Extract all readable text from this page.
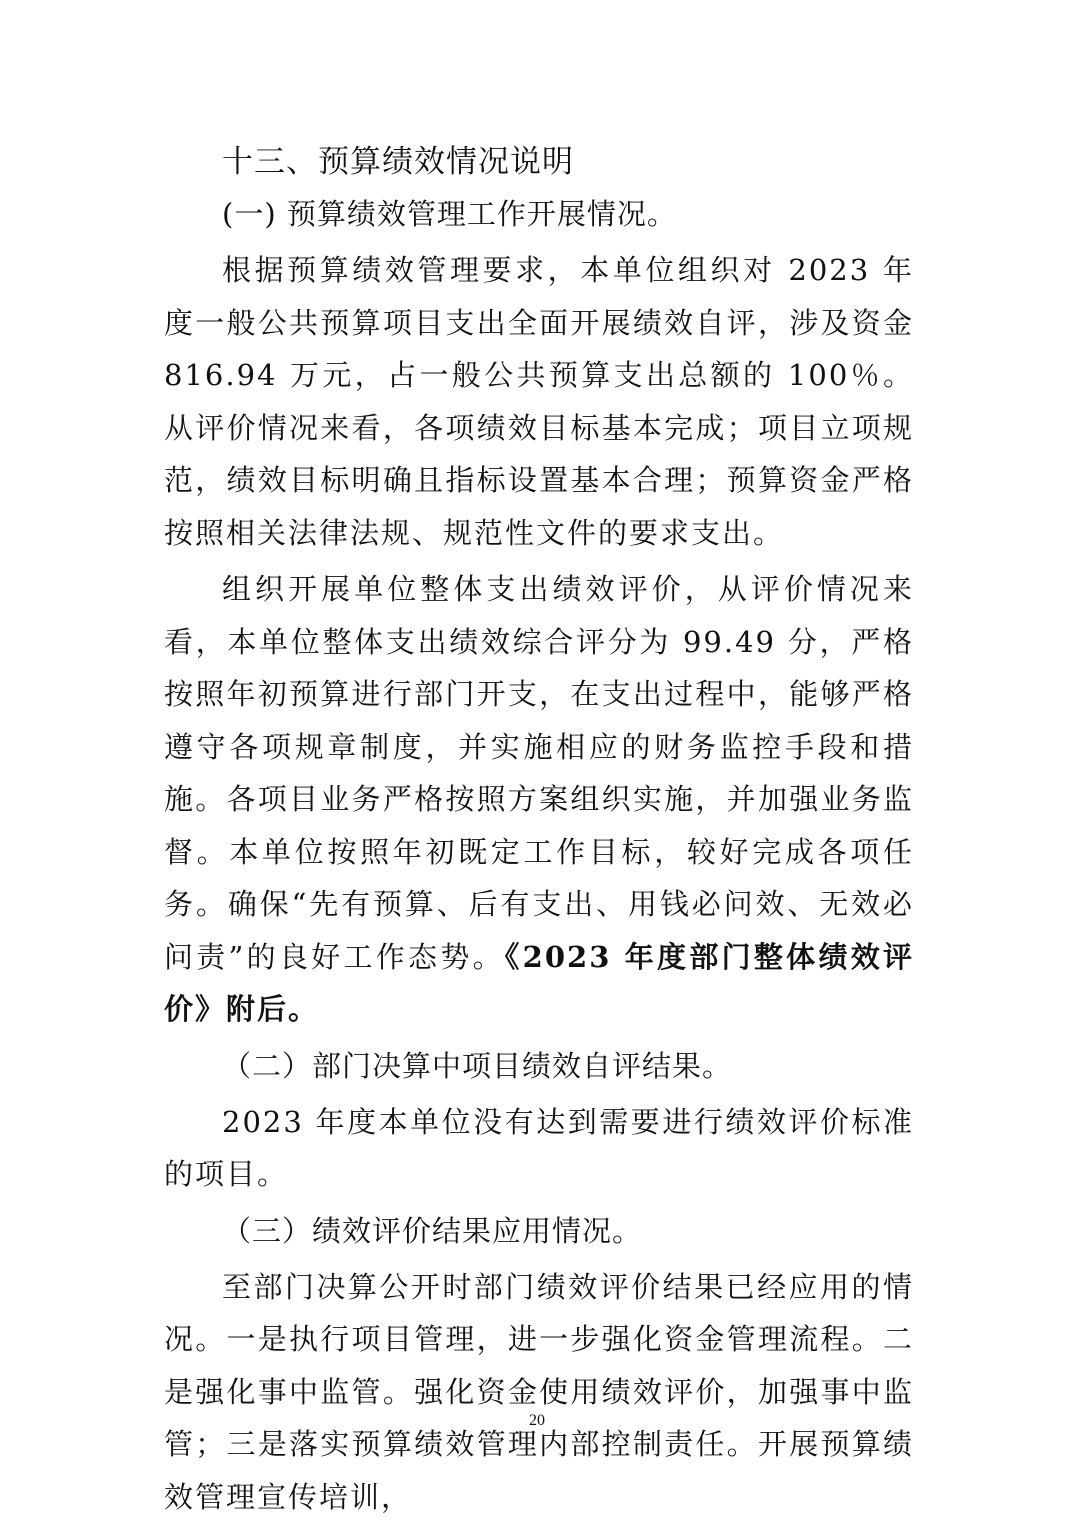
十三、预算绩效情况说明
(一) 预算绩效管理工作开展情况。

根据预算绩效管理要求，本单位组织对 2023 年度一般公共预算项目支出全面开展绩效自评，涉及资金 816.94 万元，占一般公共预算支出总额的 100％。从评价情况来看，各项绩效目标基本完成；项目立项规范，绩效目标明确且指标设置基本合理；预算资金严格按照相关法律法规、规范性文件的要求支出。

组织开展单位整体支出绩效评价，从评价情况来看，本单位整体支出绩效综合评分为 99.49 分，严格按照年初预算进行部门开支，在支出过程中，能够严格遵守各项规章制度，并实施相应的财务监控手段和措施。各项目业务严格按照方案组织实施，并加强业务监督。本单位按照年初既定工作目标，较好完成各项任务。确保“先有预算、后有支出、用钱必问效、无效必问责”的良好工作态势。《2023 年度部门整体绩效评价》附后。

（二）部门决算中项目绩效自评结果。

2023 年度本单位没有达到需要进行绩效评价标准的项目。

（三）绩效评价结果应用情况。

至部门决算公开时部门绩效评价结果已经应用的情况。一是执行项目管理，进一步强化资金管理流程。二是强化事中监管。强化资金使用绩效评价，加强事中监管；三是落实预算绩效管理内部控制责任。开展预算绩效管理宣传培训，

20
